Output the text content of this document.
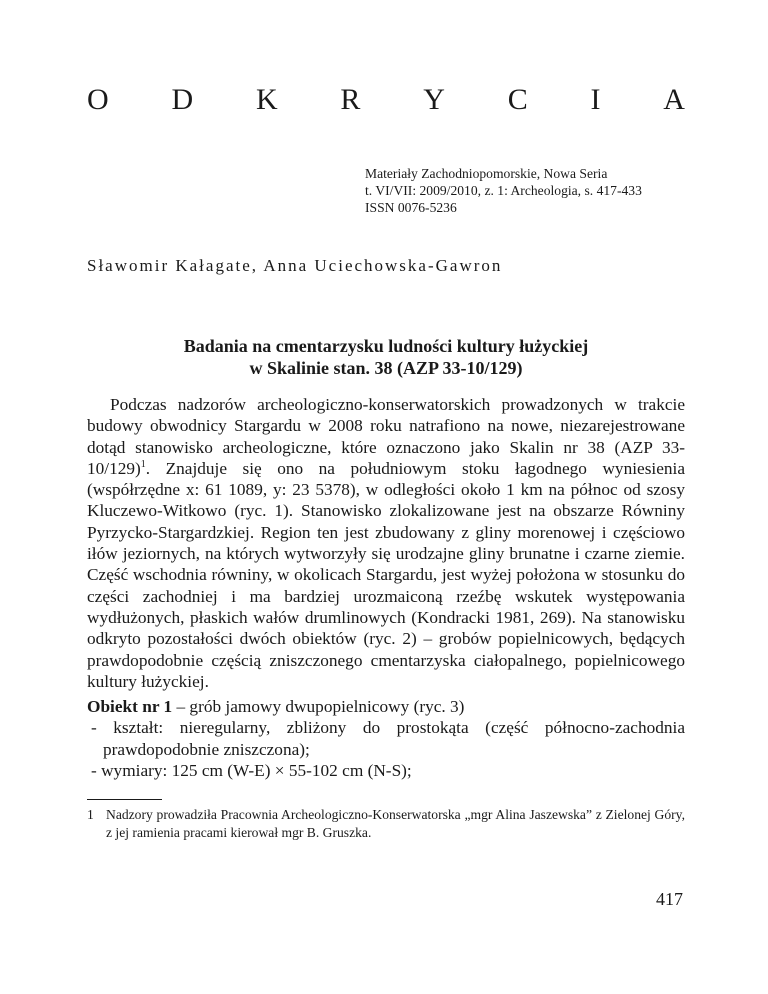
O D K R Y C I A
Materiały Zachodniopomorskie, Nowa Seria
t. VI/VII: 2009/2010, z. 1: Archeologia, s. 417-433
ISSN 0076-5236
Sławomir Kałagate, Anna Uciechowska-Gawron
Badania na cmentarzysku ludności kultury łużyckiej
w Skalinie stan. 38 (AZP 33-10/129)

Podczas nadzorów archeologiczno-konserwatorskich prowadzonych w trakcie budowy obwodnicy Stargardu w 2008 roku natrafiono na nowe, niezarejestrowane dotąd stanowisko archeologiczne, które oznaczono jako Skalin nr 38 (AZP 33-10/129)$^1$. Znajduje się ono na południowym stoku łagodnego wyniesienia (współrzędne x: 61 1089, y: 23 5378), w odległości około 1 km na północ od szosy Kluczewo-Witkowo (ryc. 1). Stanowisko zlokalizowane jest na obszarze Równiny Pyrzycko-Stargardzkiej. Region ten jest zbudowany z gliny morenowej i częściowo iłów jeziornych, na których wytworzyły się urodzajne gliny brunatne i czarne ziemie. Część wschodnia równiny, w okolicach Stargardu, jest wyżej położona w stosunku do części zachodniej i ma bardziej urozmaiconą rzeźbę wskutek występowania wydłużonych, płaskich wałów drumlinowych (Kondracki 1981, 269). Na stanowisku odkryto pozostałości dwóch obiektów (ryc. 2) – grobów popielnicowych, będących prawdopodobnie częścią zniszczonego cmentarzyska ciałopalnego, popielnicowego kultury łużyckiej.

Obiekt nr 1 – grób jamowy dwupopielnicowy (ryc. 3)
- kształt: nieregularny, zbliżony do prostokąta (część północno-zachodnia prawdopodobnie zniszczona);
- wymiary: 125 cm (W-E) × 55-102 cm (N-S);
1 Nadzory prowadziła Pracownia Archeologiczno-Konserwatorska „mgr Alina Jaszewska” z Zielonej Góry, z jej ramienia pracami kierował mgr B. Gruszka.
417
